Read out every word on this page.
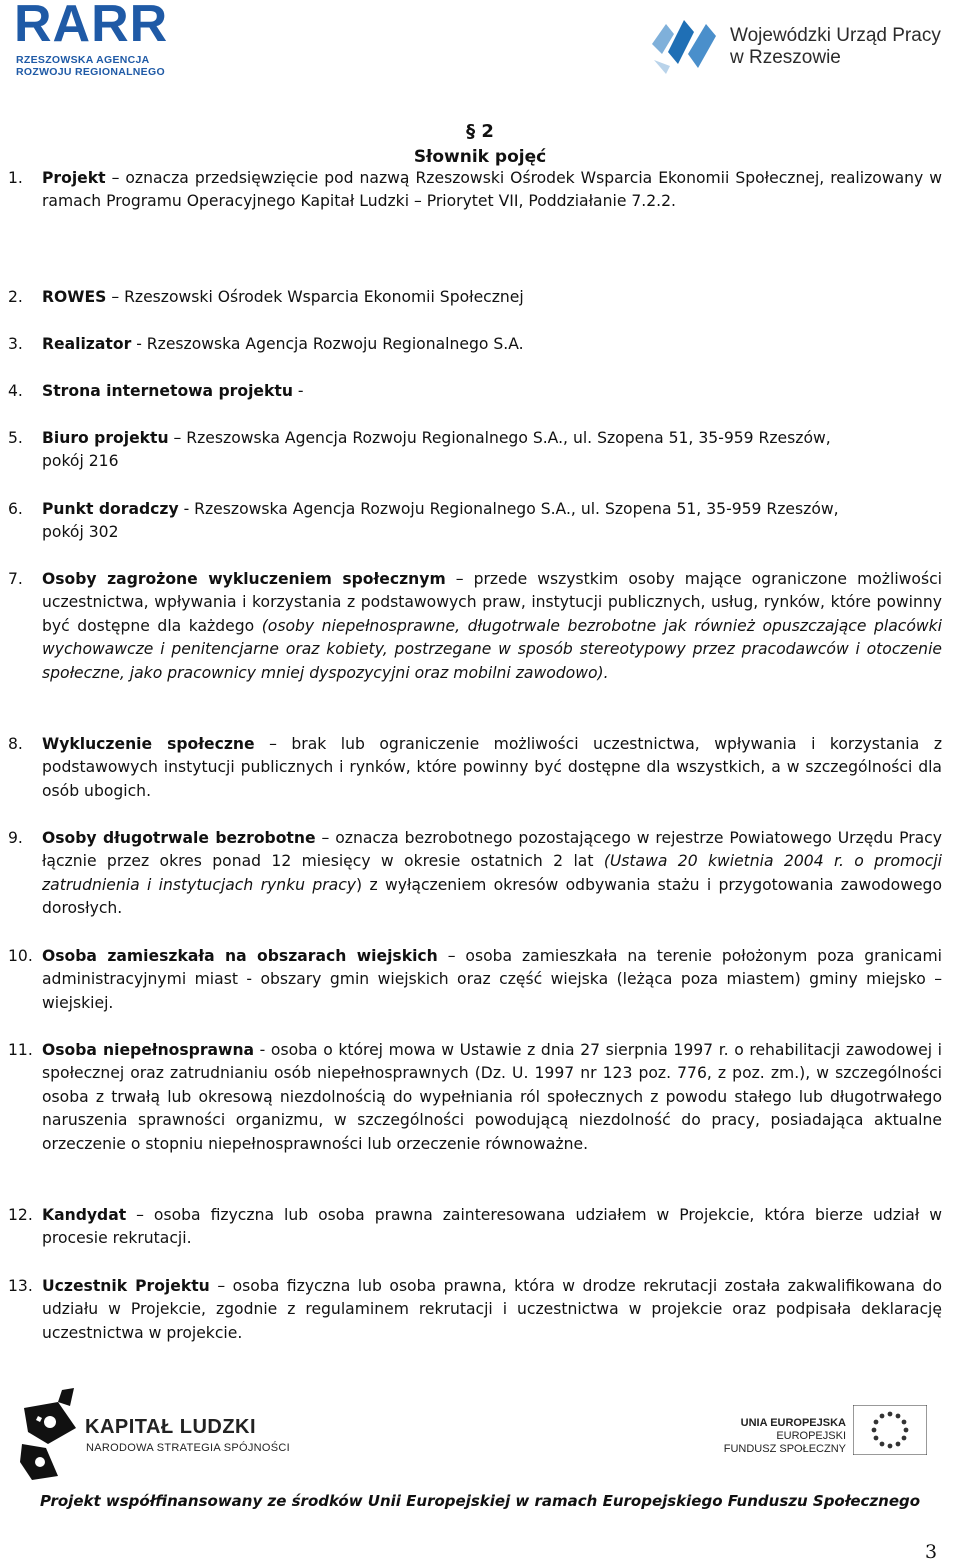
RARR
RZESZOWSKA AGENCJA
ROZWOJU REGIONALNEGO
Wojewódzki Urząd Pracy
w Rzeszowie
§ 2
Słownik pojęć
1. Projekt – oznacza przedsięwzięcie pod nazwą Rzeszowski Ośrodek Wsparcia Ekonomii Społecznej, realizowany w ramach Programu Operacyjnego Kapitał Ludzki – Priorytet VII, Poddziałanie 7.2.2.
2. ROWES – Rzeszowski Ośrodek Wsparcia Ekonomii Społecznej
3. Realizator - Rzeszowska Agencja Rozwoju Regionalnego S.A.
4. Strona internetowa projektu -
5. Biuro projektu – Rzeszowska Agencja Rozwoju Regionalnego S.A., ul. Szopena 51, 35-959 Rzeszów, pokój 216
6. Punkt doradczy - Rzeszowska Agencja Rozwoju Regionalnego S.A., ul. Szopena 51, 35-959 Rzeszów, pokój 302
7. Osoby zagrożone wykluczeniem społecznym – przede wszystkim osoby mające ograniczone możliwości uczestnictwa, wpływania i korzystania z podstawowych praw, instytucji publicznych, usług, rynków, które powinny być dostępne dla każdego (osoby niepełnosprawne, długotrwale bezrobotne jak również opuszczające placówki wychowawcze i penitencjarne oraz kobiety, postrzegane w sposób stereotypowy przez pracodawców i otoczenie społeczne, jako pracownicy mniej dyspozycyjni oraz mobilni zawodowo).
8. Wykluczenie społeczne – brak lub ograniczenie możliwości uczestnictwa, wpływania i korzystania z podstawowych instytucji publicznych i rynków, które powinny być dostępne dla wszystkich, a w szczególności dla osób ubogich.
9. Osoby długotrwale bezrobotne – oznacza bezrobotnego pozostającego w rejestrze Powiatowego Urzędu Pracy łącznie przez okres ponad 12 miesięcy w okresie ostatnich 2 lat (Ustawa 20 kwietnia 2004 r. o promocji zatrudnienia i instytucjach rynku pracy) z wyłączeniem okresów odbywania stażu i przygotowania zawodowego dorosłych.
10. Osoba zamieszkała na obszarach wiejskich – osoba zamieszkała na terenie położonym poza granicami administracyjnymi miast - obszary gmin wiejskich oraz część wiejska (leżąca poza miastem) gminy miejsko – wiejskiej.
11. Osoba niepełnosprawna - osoba o której mowa w Ustawie z dnia 27 sierpnia 1997 r. o rehabilitacji zawodowej i społecznej oraz zatrudnianiu osób niepełnosprawnych (Dz. U. 1997 nr 123 poz. 776, z poz. zm.), w szczególności osoba z trwałą lub okresową niezdolnością do wypełniania ról społecznych z powodu stałego lub długotrwałego naruszenia sprawności organizmu, w szczególności powodującą niezdolność do pracy, posiadająca aktualne orzeczenie o stopniu niepełnosprawności lub orzeczenie równoważne.
12. Kandydat – osoba fizyczna lub osoba prawna zainteresowana udziałem w Projekcie, która bierze udział w procesie rekrutacji.
13. Uczestnik Projektu – osoba fizyczna lub osoba prawna, która w drodze rekrutacji została zakwalifikowana do udziału w Projekcie, zgodnie z regulaminem rekrutacji i uczestnictwa w projekcie oraz podpisała deklarację uczestnictwa w projekcie.
KAPITAŁ LUDZKI
NARODOWA STRATEGIA SPÓJNOŚCI
UNIA EUROPEJSKA
EUROPEJSKI
FUNDUSZ SPOŁECZNY
Projekt współfinansowany ze środków Unii Europejskiej w ramach Europejskiego Funduszu Społecznego
3
